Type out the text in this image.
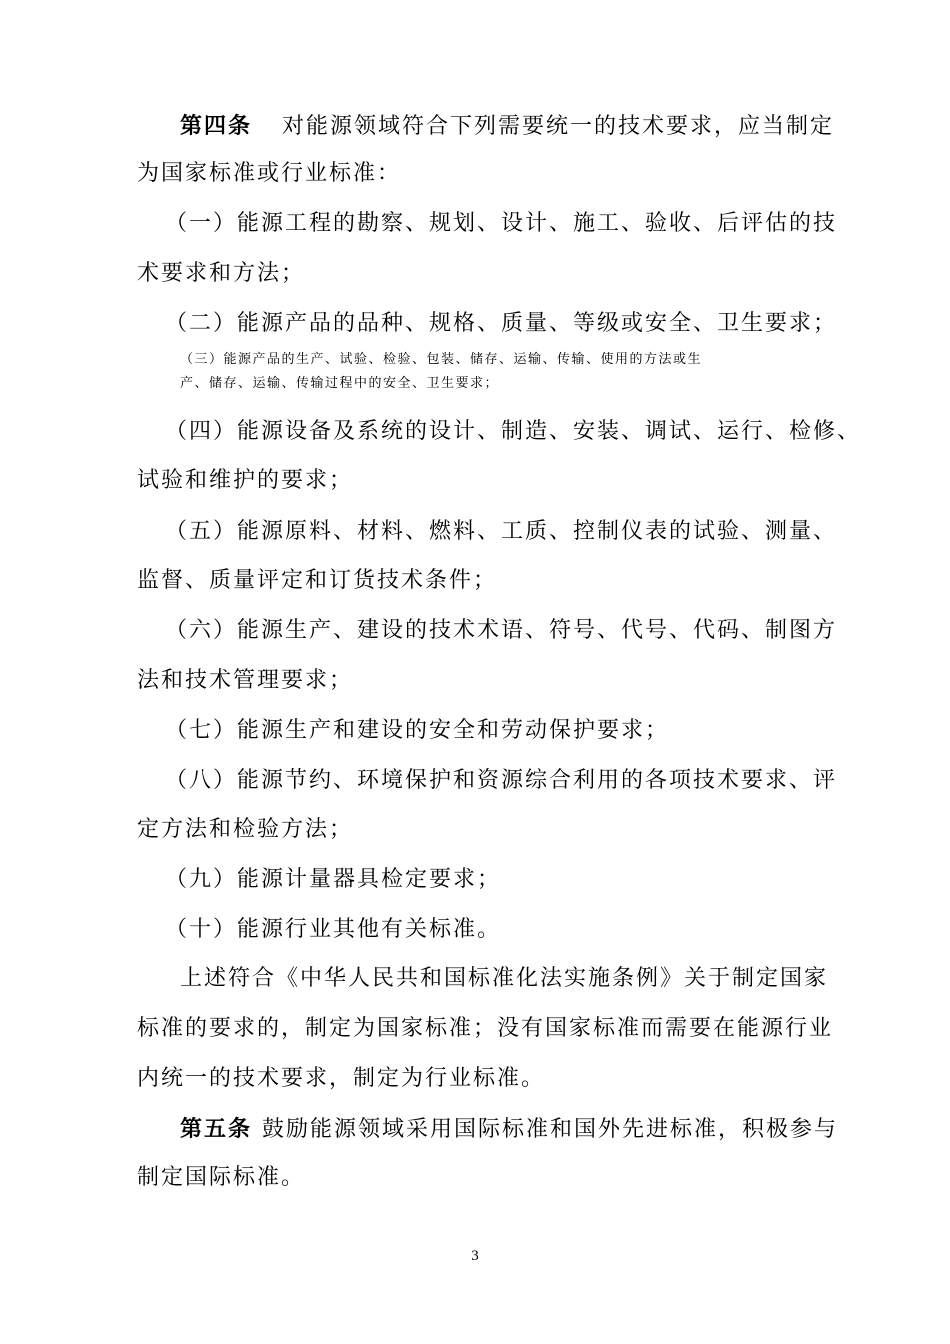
第四条 对能源领域符合下列需要统一的技术要求，应当制定
为国家标准或行业标准：
（一）能源工程的勘察、规划、设计、施工、验收、后评估的技
术要求和方法；
（二）能源产品的品种、规格、质量、等级或安全、卫生要求；
（三）能源产品的生产、试验、检验、包装、储存、运输、传输、使用的方法或生
产、储存、运输、传输过程中的安全、卫生要求；
（四）能源设备及系统的设计、制造、安装、调试、运行、检修、
试验和维护的要求；
（五）能源原料、材料、燃料、工质、控制仪表的试验、测量、
监督、质量评定和订货技术条件；
（六）能源生产、建设的技术术语、符号、代号、代码、制图方
法和技术管理要求；
（七）能源生产和建设的安全和劳动保护要求；
（八）能源节约、环境保护和资源综合利用的各项技术要求、评
定方法和检验方法；
（九）能源计量器具检定要求；
（十）能源行业其他有关标准。
上述符合《中华人民共和国标准化法实施条例》关于制定国家
标准的要求的，制定为国家标准；没有国家标准而需要在能源行业
内统一的技术要求，制定为行业标准。
第五条 鼓励能源领域采用国际标准和国外先进标准，积极参与
制定国际标准。
3
